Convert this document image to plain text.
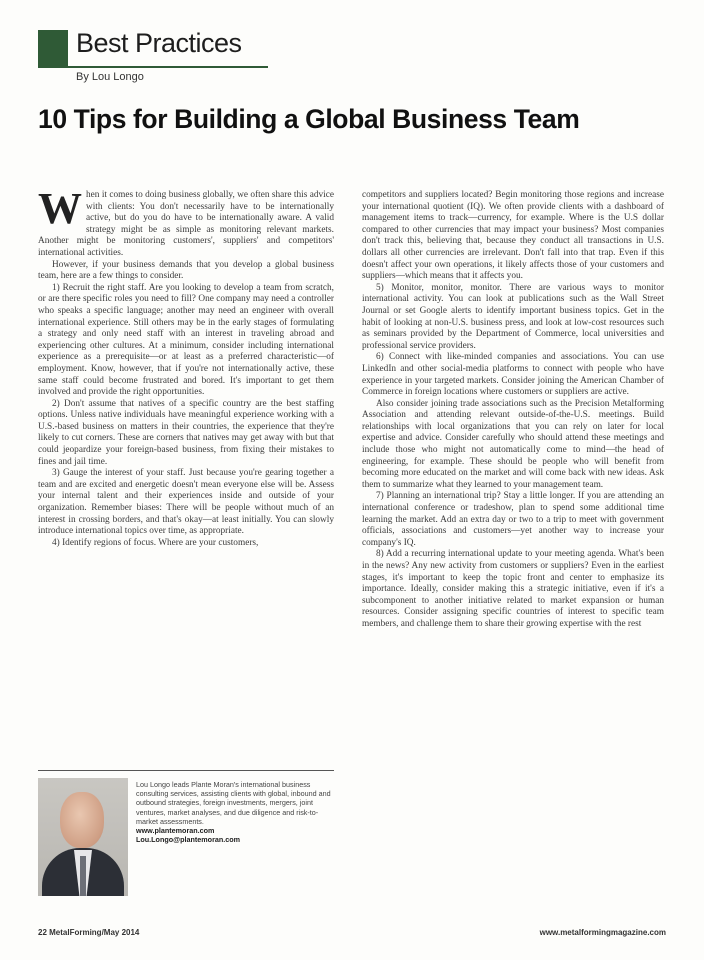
Best Practices
By Lou Longo
10 Tips for Building a Global Business Team

When it comes to doing business globally, we often share this advice with clients: You don't necessarily have to be internationally active, but do you do have to be internationally aware. A valid strategy might be as simple as monitoring relevant markets. Another might be monitoring customers', suppliers' and competitors' international activities.

However, if your business demands that you develop a global business team, here are a few things to consider.

1) Recruit the right staff. Are you looking to develop a team from scratch, or are there specific roles you need to fill? One company may need a controller who speaks a specific language; another may need an engineer with overall international experience. Still others may be in the early stages of formulating a strategy and only need staff with an interest in traveling abroad and experiencing other cultures. At a minimum, consider including international experience as a prerequisite—or at least as a preferred characteristic—of employment. Know, however, that if you're not internationally active, these same staff could become frustrated and bored. It's important to get them involved and provide the right opportunities.

2) Don't assume that natives of a specific country are the best staffing options. Unless native individuals have meaningful experience working with a U.S.-based business on matters in their countries, the experience that they're likely to cut corners. These are corners that natives may get away with but that could jeopardize your foreign-based business, from fixing their mistakes to fines and jail time.

3) Gauge the interest of your staff. Just because you're gearing together a team and are excited and energetic doesn't mean everyone else will be. Assess your internal talent and their experiences inside and outside of your organization. Remember biases: There will be people without much of an interest in crossing borders, and that's okay—at least initially. You can slowly introduce international topics over time, as appropriate.

4) Identify regions of focus. Where are your customers,

competitors and suppliers located? Begin monitoring those regions and increase your international quotient (IQ). We often provide clients with a dashboard of management items to track—currency, for example. Where is the U.S dollar compared to other currencies that may impact your business? Most companies don't track this, believing that, because they conduct all transactions in U.S. dollars all other currencies are irrelevant. Don't fall into that trap. Even if this doesn't affect your own operations, it likely affects those of your customers and suppliers—which means that it affects you.

5) Monitor, monitor, monitor. There are various ways to monitor international activity. You can look at publications such as the Wall Street Journal or set Google alerts to identify important business topics. Get in the habit of looking at non-U.S. business press, and look at low-cost resources such as seminars provided by the Department of Commerce, local universities and professional service providers.

6) Connect with like-minded companies and associations. You can use LinkedIn and other social-media platforms to connect with people who have experience in your targeted markets. Consider joining the American Chamber of Commerce in foreign locations where customers or suppliers are active.

Also consider joining trade associations such as the Precision Metalforming Association and attending relevant outside-of-the-U.S. meetings. Build relationships with local organizations that you can rely on later for local expertise and advice. Consider carefully who should attend these meetings and include those who might not automatically come to mind—the head of engineering, for example. These should be people who will benefit from becoming more educated on the market and will come back with new ideas. Ask them to summarize what they learned to your management team.

7) Planning an international trip? Stay a little longer. If you are attending an international conference or tradeshow, plan to spend some additional time learning the market. Add an extra day or two to a trip to meet with government officials, associations and customers—yet another way to increase your company's IQ.

8) Add a recurring international update to your meeting agenda. What's been in the news? Any new activity from customers or suppliers? Even in the earliest stages, it's important to keep the topic front and center to emphasize its importance. Ideally, consider making this a strategic initiative, even if it's a subcomponent to another initiative related to market expansion or human resources. Consider assigning specific countries of interest to specific team members, and challenge them to share their growing expertise with the rest

Lou Longo leads Plante Moran's international business consulting services, assisting clients with global, inbound and outbound strategies, foreign investments, mergers, joint ventures, market analyses, and due diligence and risk-to-market assessments.
www.plantemoran.com
Lou.Longo@plantemoran.com
22 MetalForming/May 2014	www.metalformingmagazine.com
